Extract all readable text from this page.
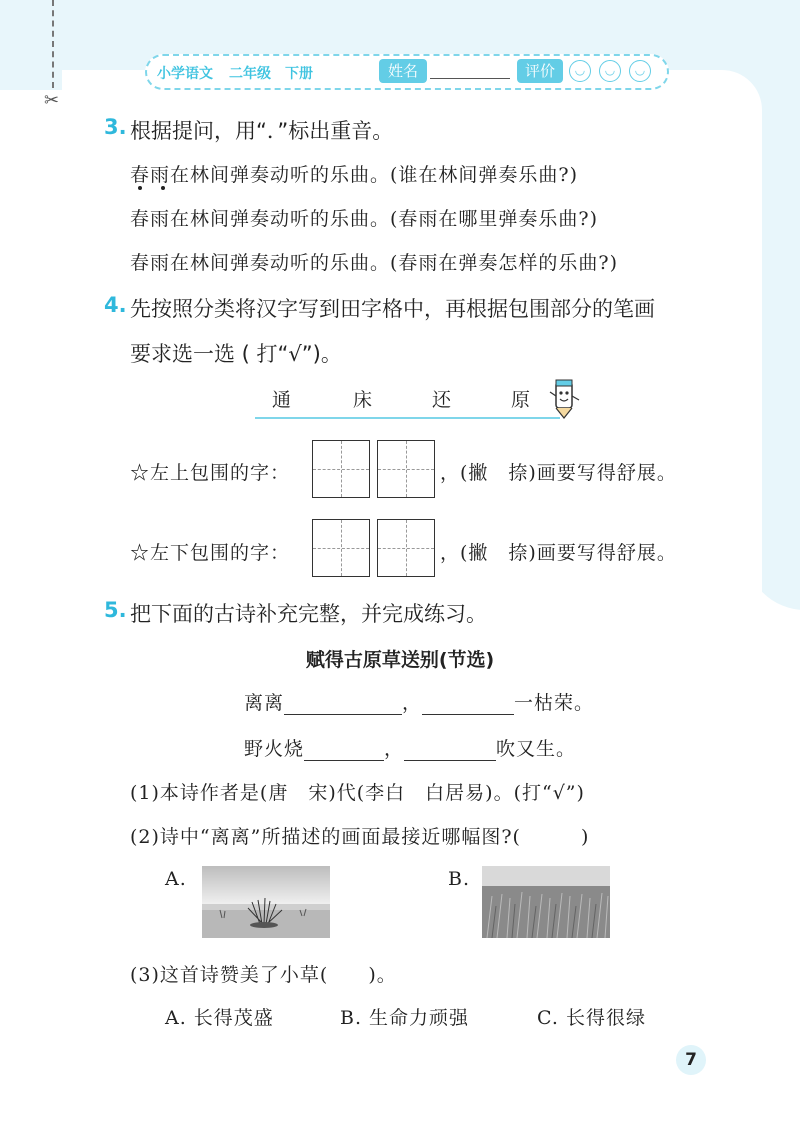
✂
小学语文 二年级 下册	姓名	评价	◡	◡	◡
3. 根据提问，用“．”标出重音。
春雨在林间弹奏动听的乐曲。(谁在林间弹奏乐曲?)
春雨在林间弹奏动听的乐曲。(春雨在哪里弹奏乐曲?)
春雨在林间弹奏动听的乐曲。(春雨在弹奏怎样的乐曲?)
4. 先按照分类将汉字写到田字格中，再根据包围部分的笔画
要求选一选 ( 打“√”)。
通	床	还	原
☆左上包围的字：	，(撇　捺)画要写得舒展。
☆左下包围的字：	，(撇　捺)画要写得舒展。
5. 把下面的古诗补充完整，并完成练习。
赋得古原草送别(节选)
离离	，	一枯荣。
野火烧	，	吹又生。
(1)本诗作者是(唐　宋)代(李白　白居易)。(打“√”)
(2)诗中“离离”所描述的画面最接近哪幅图?(　　　)
A.	B.
(3)这首诗赞美了小草(　　)。
A. 长得茂盛	B. 生命力顽强	C. 长得很绿
7
